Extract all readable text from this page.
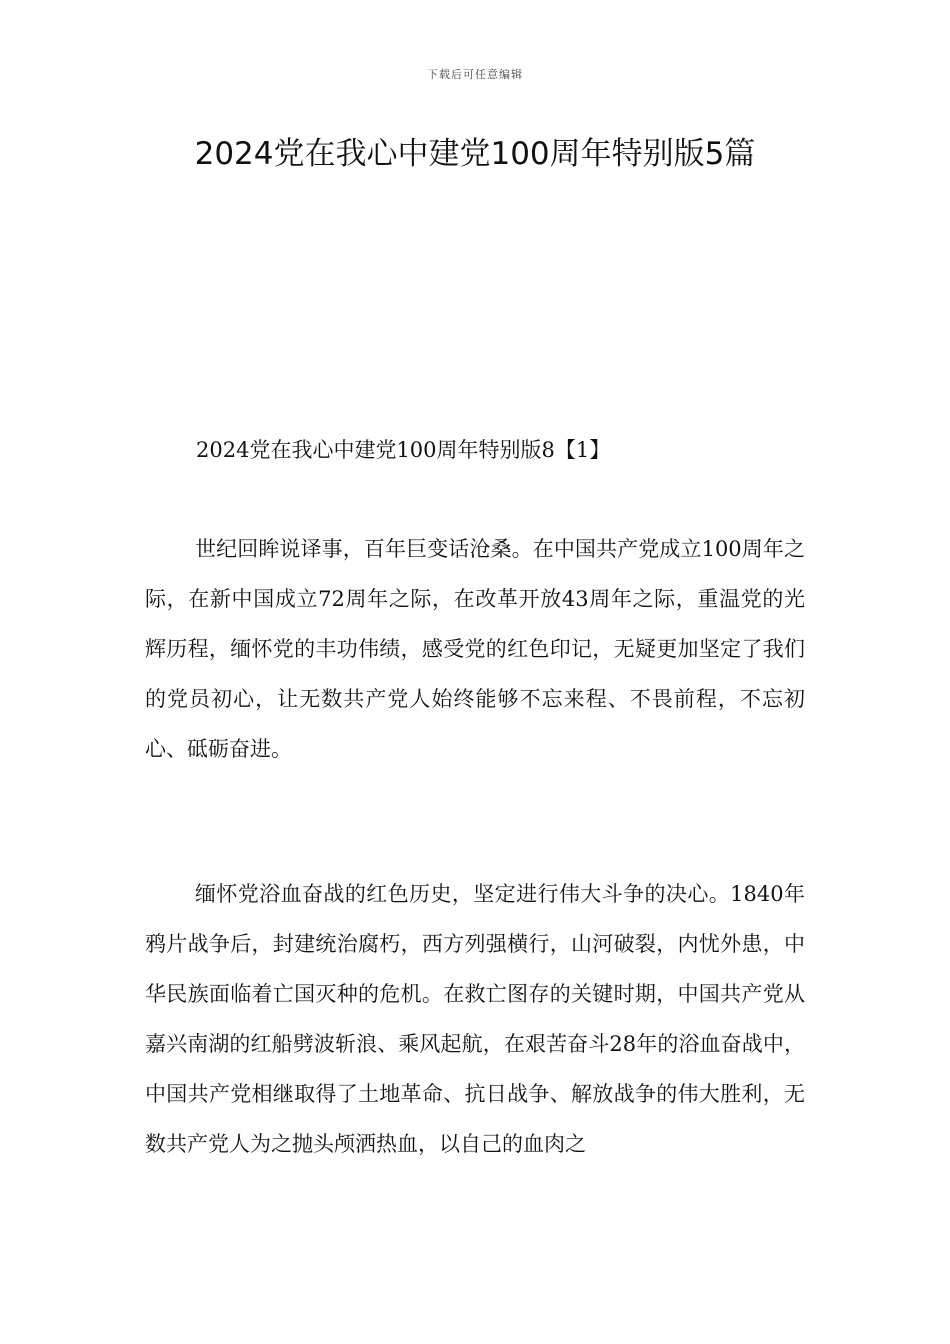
下载后可任意编辑
2024党在我心中建党100周年特别版5篇
2024党在我心中建党100周年特别版8【1】

世纪回眸说译事，百年巨变话沧桑。在中国共产党成立100周年之际，在新中国成立72周年之际，在改革开放43周年之际，重温党的光辉历程，缅怀党的丰功伟绩，感受党的红色印记，无疑更加坚定了我们的党员初心，让无数共产党人始终能够不忘来程、不畏前程，不忘初心、砥砺奋进。

缅怀党浴血奋战的红色历史，坚定进行伟大斗争的决心。1840年鸦片战争后，封建统治腐朽，西方列强横行，山河破裂，内忧外患，中华民族面临着亡国灭种的危机。在救亡图存的关键时期，中国共产党从嘉兴南湖的红船劈波斩浪、乘风起航，在艰苦奋斗28年的浴血奋战中，中国共产党相继取得了土地革命、抗日战争、解放战争的伟大胜利，无数共产党人为之抛头颅洒热血，以自己的血肉之
